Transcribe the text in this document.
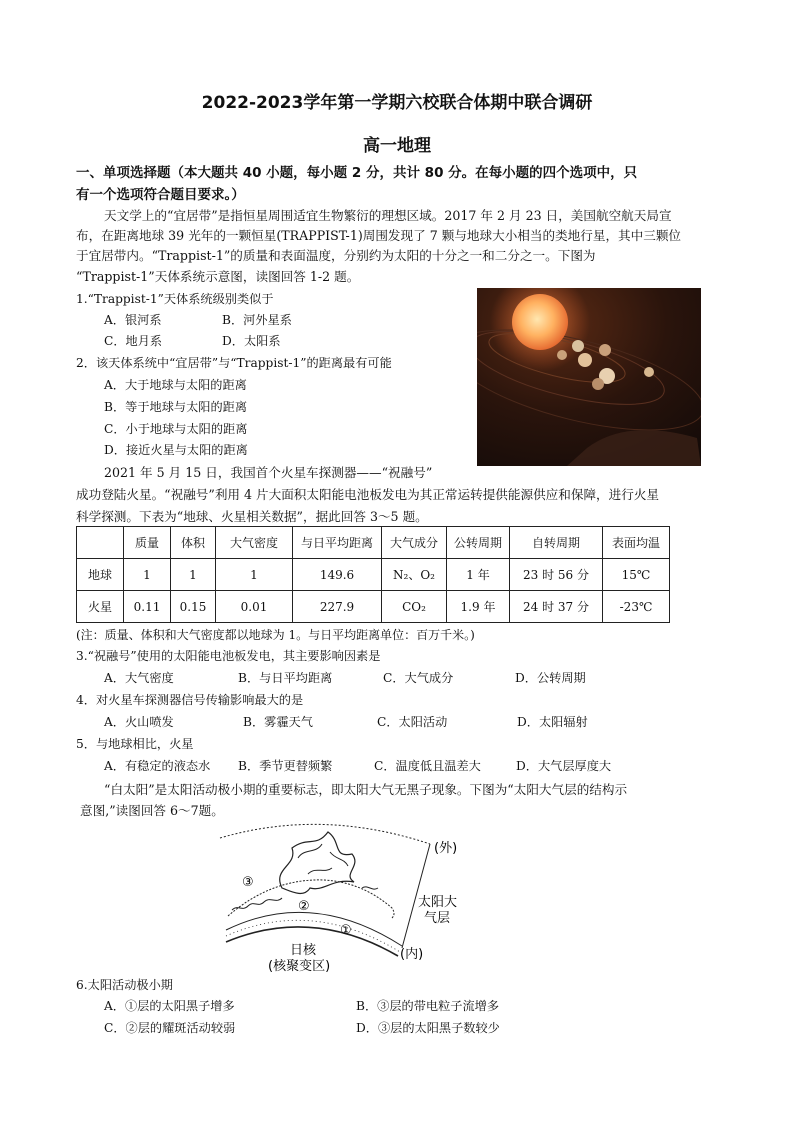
2022-2023学年第一学期六校联合体期中联合调研
高一地理
一、单项选择题（本大题共 40 小题，每小题 2 分，共计 80 分。在每小题的四个选项中，只
有一个选项符合题目要求。）
天文学上的“宜居带”是指恒星周围适宜生物繁衍的理想区域。2017 年 2 月 23 日，美国航空航天局宣
布，在距离地球 39 光年的一颗恒星(TRAPPIST-1)周围发现了 7 颗与地球大小相当的类地行星，其中三颗位
于宜居带内。“Trappist-1”的质量和表面温度，分别约为太阳的十分之一和二分之一。下图为
“Trappist-1”天体系统示意图，读图回答 1-2 题。
1.“Trappist-1”天体系统级别类似于
A．银河系	B．河外星系
C．地月系	D．太阳系
2．该天体系统中“宜居带”与“Trappist-1”的距离最有可能
A．大于地球与太阳的距离
B．等于地球与太阳的距离
C．小于地球与太阳的距离
D．接近火星与太阳的距离
2021 年 5 月 15 日，我国首个火星车探测器——“祝融号”
成功登陆火星。“祝融号”利用 4 片大面积太阳能电池板发电为其正常运转提供能源供应和保障，进行火星
科学探测。下表为“地球、火星相关数据”，据此回答 3～5 题。
	质量	体积	大气密度	与日平均距离	大气成分	公转周期	自转周期	表面均温
地球	1	1	1	149.6	N₂、O₂	1 年	23 时 56 分	15℃
火星	0.11	0.15	0.01	227.9	CO₂	1.9 年	24 时 37 分	-23℃
(注：质量、体积和大气密度都以地球为 1。与日平均距离单位：百万千米。)
3.“祝融号”使用的太阳能电池板发电，其主要影响因素是
A．大气密度	B．与日平均距离	C．大气成分	D．公转周期
4．对火星车探测器信号传输影响最大的是
A．火山喷发	B．雾霾天气	C．太阳活动	D．太阳辐射
5．与地球相比，火星
A．有稳定的液态水 B．季节更替频繁	C．温度低且温差大	D．大气层厚度大
“白太阳”是太阳活动极小期的重要标志，即太阳大气无黑子现象。下图为“太阳大气层的结构示
意图,”读图回答 6～7题。
③
②
①
(外)
太阳大
气层
(内)
日核
(核聚变区)
6.太阳活动极小期
A．①层的太阳黑子增多	B．③层的带电粒子流增多
C．②层的耀斑活动较弱	D．③层的太阳黑子数较少
